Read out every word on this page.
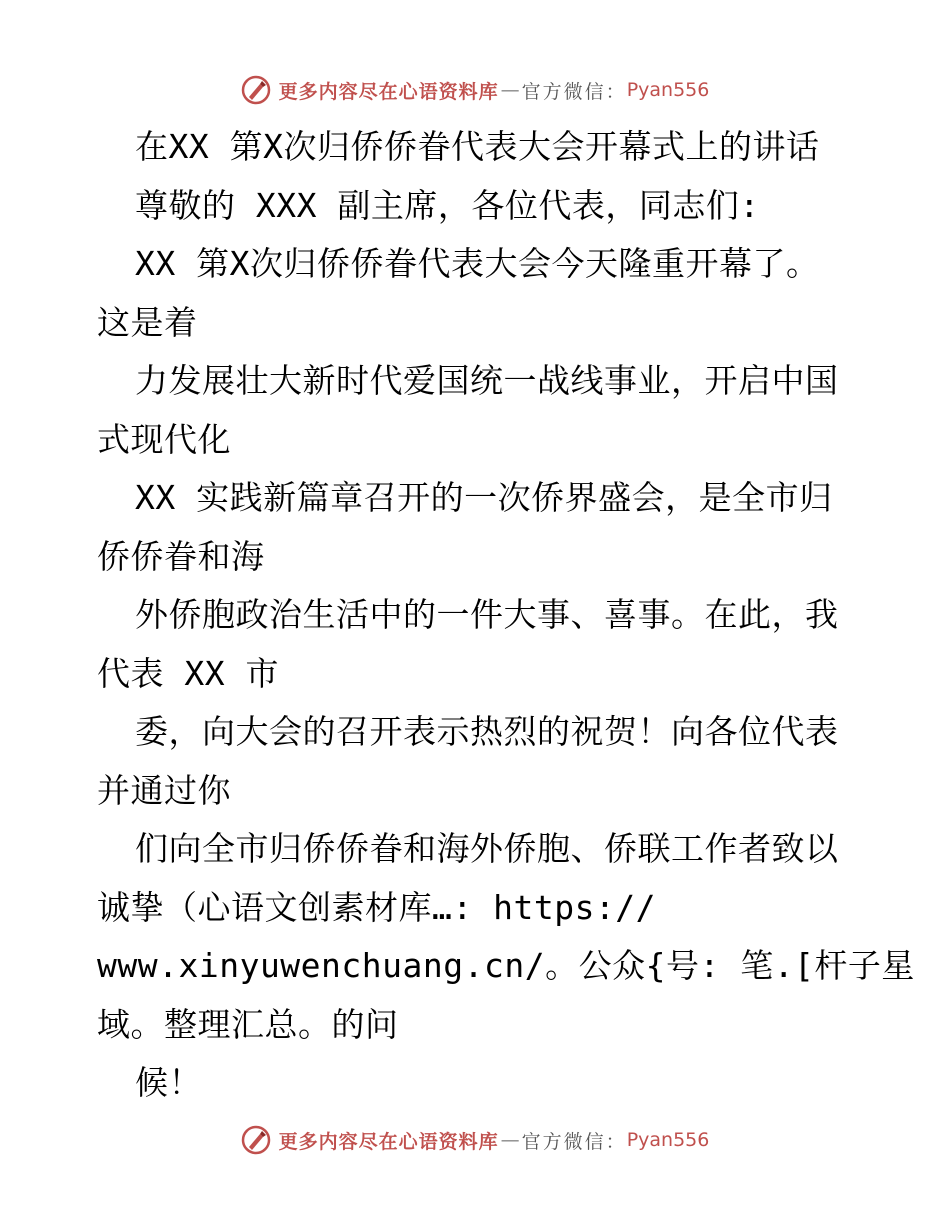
更多内容尽在心语资料库 — 官方微信： Pyan556
在XX 第X次归侨侨眷代表大会开幕式上的讲话
尊敬的 XXX 副主席，各位代表，同志们:
XX 第X次归侨侨眷代表大会今天隆重开幕了。
这是着
力发展壮大新时代爱国统一战线事业，开启中国
式现代化
XX 实践新篇章召开的一次侨界盛会，是全市归
侨侨眷和海
外侨胞政治生活中的一件大事、喜事。在此，我
代表 XX 市
委，向大会的召开表示热烈的祝贺！向各位代表
并通过你
们向全市归侨侨眷和海外侨胞、侨联工作者致以
诚挚（心语文创素材库…: https://
www.xinyuwenchuang.cn/。公众{号: 笔.[杆子星
域。整理汇总。的问
候！
更多内容尽在心语资料库 — 官方微信： Pyan556
